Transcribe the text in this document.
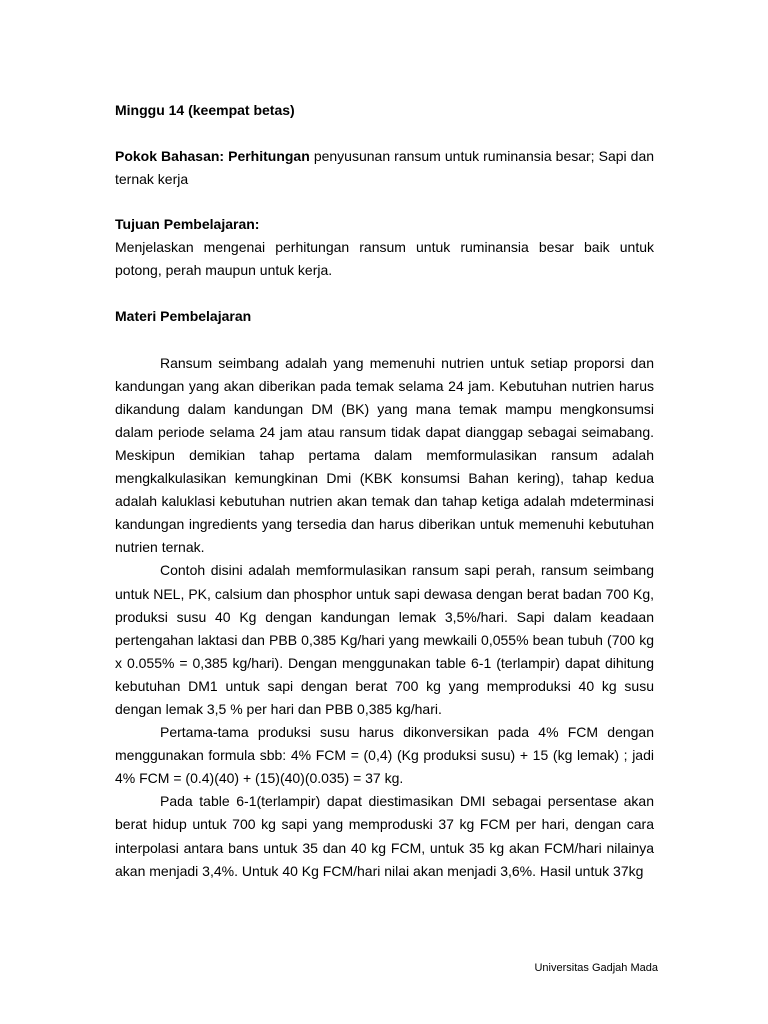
Minggu 14 (keempat betas)

Pokok Bahasan: Perhitungan penyusunan ransum untuk ruminansia besar; Sapi dan ternak kerja

Tujuan Pembelajaran:

Menjelaskan mengenai perhitungan ransum untuk ruminansia besar baik untuk potong, perah maupun untuk kerja.

Materi Pembelajaran

Ransum seimbang adalah yang memenuhi nutrien untuk setiap proporsi dan kandungan yang akan diberikan pada temak selama 24 jam. Kebutuhan nutrien harus dikandung dalam kandungan DM (BK) yang mana temak mampu mengkonsumsi dalam periode selama 24 jam atau ransum tidak dapat dianggap sebagai seimabang. Meskipun demikian tahap pertama dalam memformulasikan ransum adalah mengkalkulasikan kemungkinan Dmi (KBK konsumsi Bahan kering), tahap kedua adalah kaluklasi kebutuhan nutrien akan temak dan tahap ketiga adalah mdeterminasi kandungan ingredients yang tersedia dan harus diberikan untuk memenuhi kebutuhan nutrien ternak.

Contoh disini adalah memformulasikan ransum sapi perah, ransum seimbang untuk NEL, PK, calsium dan phosphor untuk sapi dewasa dengan berat badan 700 Kg, produksi susu 40 Kg dengan kandungan lemak 3,5%/hari. Sapi dalam keadaan pertengahan laktasi dan PBB 0,385 Kg/hari yang mewkaili 0,055% bean tubuh (700 kg x 0.055% = 0,385 kg/hari). Dengan menggunakan table 6-1 (terlampir) dapat dihitung kebutuhan DM1 untuk sapi dengan berat 700 kg yang memproduksi 40 kg susu dengan lemak 3,5 % per hari dan PBB 0,385 kg/hari.

Pertama-tama produksi susu harus dikonversikan pada 4% FCM dengan menggunakan formula sbb: 4% FCM = (0,4) (Kg produksi susu) + 15 (kg lemak) ; jadi 4% FCM = (0.4)(40) + (15)(40)(0.035) = 37 kg.

Pada table 6-1(terlampir) dapat diestimasikan DMI sebagai persentase akan berat hidup untuk 700 kg sapi yang memproduski 37 kg FCM per hari, dengan cara interpolasi antara bans untuk 35 dan 40 kg FCM, untuk 35 kg akan FCM/hari nilainya akan menjadi 3,4%. Untuk 40 Kg FCM/hari nilai akan menjadi 3,6%. Hasil untuk 37kg

Universitas Gadjah Mada
